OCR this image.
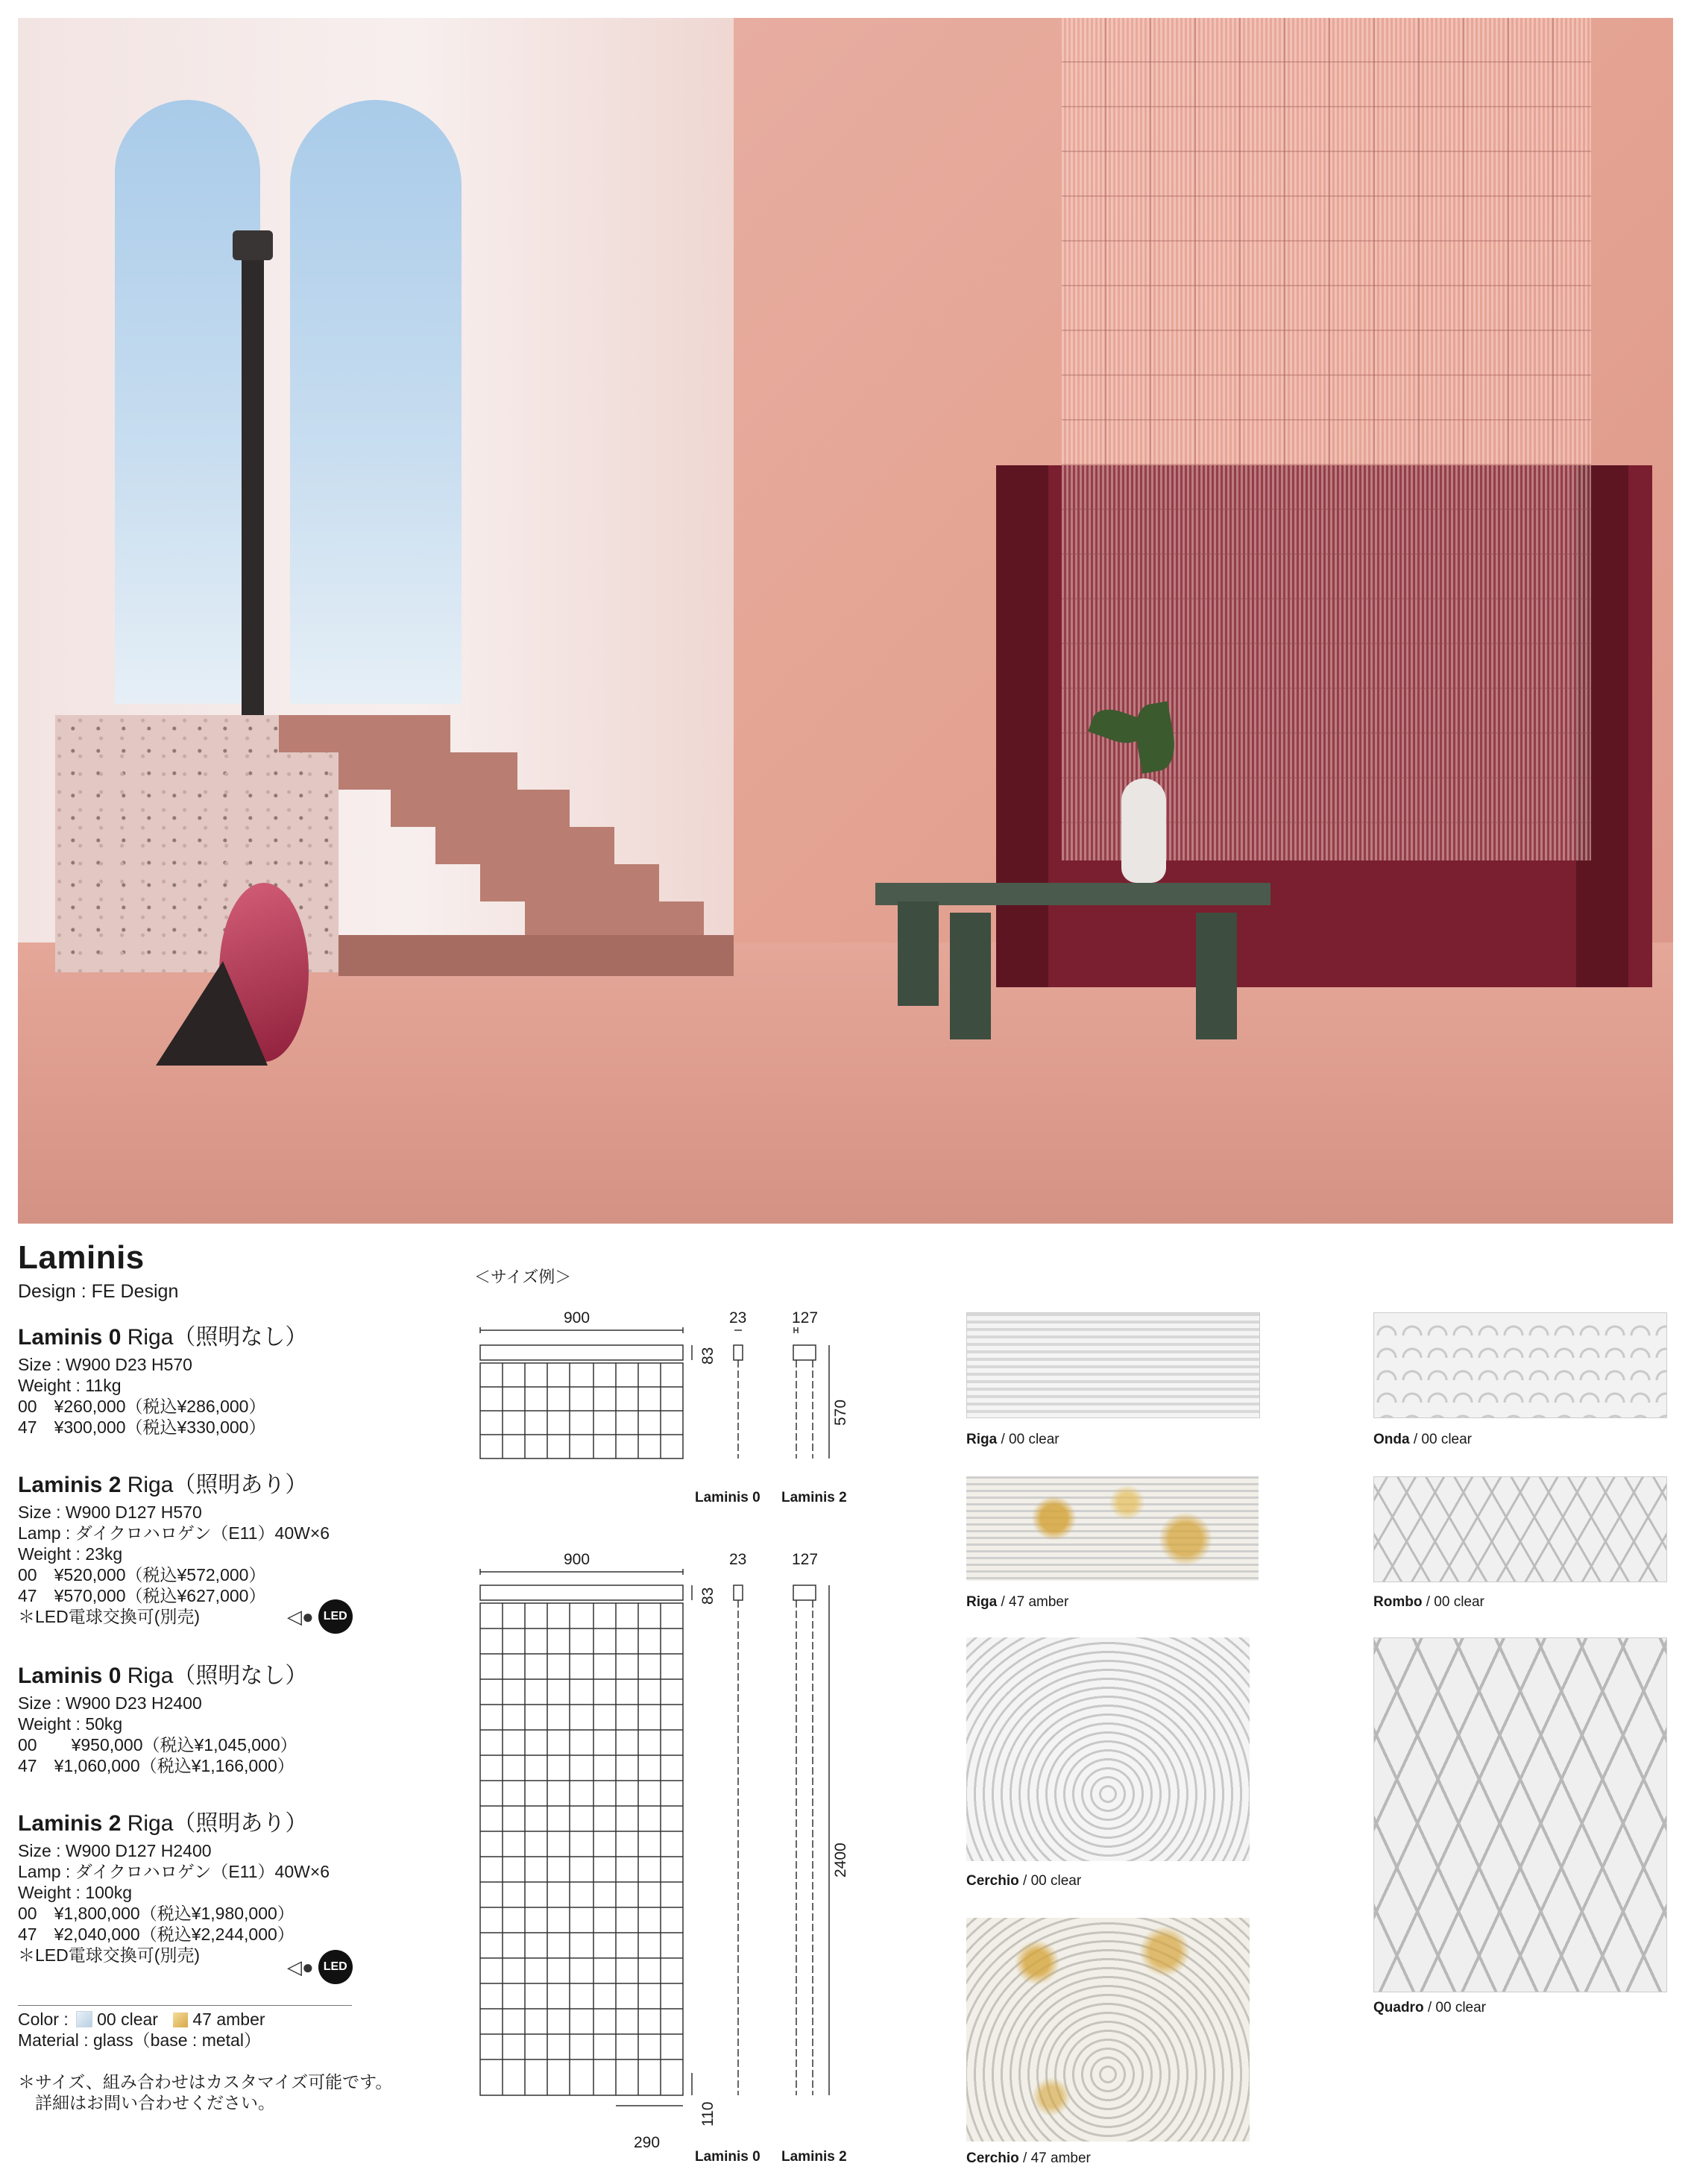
Laminis
Design : FE Design
Laminis 0 Riga（照明なし）
Size : W900 D23 H570
Weight : 11kg
00　¥260,000（税込¥286,000）
47　¥300,000（税込¥330,000）
Laminis 2 Riga（照明あり）
Size : W900 D127 H570
Lamp : ダイクロハロゲン（E11）40W×6
Weight : 23kg
00　¥520,000（税込¥572,000）
47　¥570,000（税込¥627,000）
＊LED電球交換可(別売)	◁● LED
Laminis 0 Riga（照明なし）
Size : W900 D23 H2400
Weight : 50kg
00　　¥950,000（税込¥1,045,000）
47　¥1,060,000（税込¥1,166,000）
Laminis 2 Riga（照明あり）
Size : W900 D127 H2400
Lamp : ダイクロハロゲン（E11）40W×6
Weight : 100kg
00　¥1,800,000（税込¥1,980,000）
47　¥2,040,000（税込¥2,244,000）
＊LED電球交換可(別売)
◁● LED
Color : 00 clear 47 amber
Material : glass（base : metal）
＊サイズ、組み合わせはカスタマイズ可能です。
　詳細はお問い合わせください。
＜サイズ例＞
900	23	127
83
570
Laminis 0 Laminis 2
900	23	127
83
2400
110
290
Laminis 0 Laminis 2
Riga / 00 clear	Onda / 00 clear
Riga / 47 amber	Rombo / 00 clear
Cerchio / 00 clear
Quadro / 00 clear
Cerchio / 47 amber
